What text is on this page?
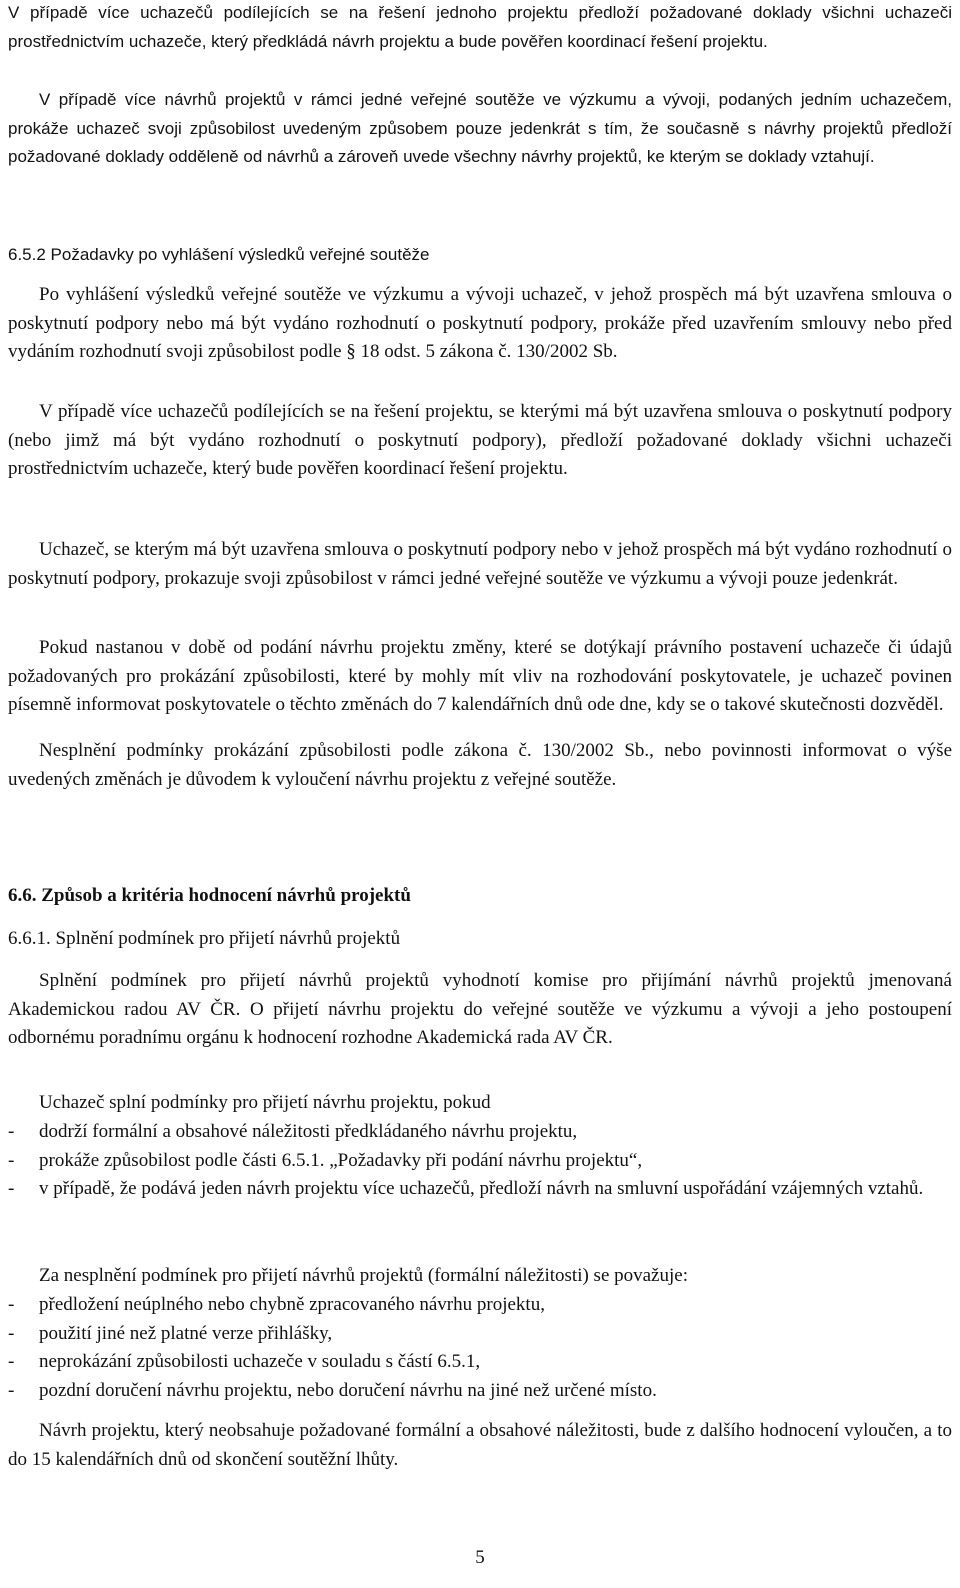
V případě více uchazečů podílejících se na řešení jednoho projektu předloží požadované doklady všichni uchazeči prostřednictvím uchazeče, který předkládá návrh projektu a bude pověřen koordinací řešení projektu.

V případě více návrhů projektů v rámci jedné veřejné soutěže ve výzkumu a vývoji, podaných jedním uchazečem, prokáže uchazeč svoji způsobilost uvedeným způsobem pouze jedenkrát s tím, že současně s návrhy projektů předloží požadované doklady odděleně od návrhů a zároveň uvede všechny návrhy projektů, ke kterým se doklady vztahují.

6.5.2 Požadavky po vyhlášení výsledků veřejné soutěže

Po vyhlášení výsledků veřejné soutěže ve výzkumu a vývoji uchazeč, v jehož prospěch má být uzavřena smlouva o poskytnutí podpory nebo má být vydáno rozhodnutí o poskytnutí podpory, prokáže před uzavřením smlouvy nebo před vydáním rozhodnutí svoji způsobilost podle § 18 odst. 5 zákona č. 130/2002 Sb.

V případě více uchazečů podílejících se na řešení projektu, se kterými má být uzavřena smlouva o poskytnutí podpory (nebo jimž má být vydáno rozhodnutí o poskytnutí podpory), předloží požadované doklady všichni uchazeči prostřednictvím uchazeče, který bude pověřen koordinací řešení projektu.

Uchazeč, se kterým má být uzavřena smlouva o poskytnutí podpory nebo v jehož prospěch má být vydáno rozhodnutí o poskytnutí podpory, prokazuje svoji způsobilost v rámci jedné veřejné soutěže ve výzkumu a vývoji pouze jedenkrát.

Pokud nastanou v době od podání návrhu projektu změny, které se dotýkají právního postavení uchazeče či údajů požadovaných pro prokázání způsobilosti, které by mohly mít vliv na rozhodování poskytovatele, je uchazeč povinen písemně informovat poskytovatele o těchto změnách do 7 kalendářních dnů ode dne, kdy se o takové skutečnosti dozvěděl.

Nesplnění podmínky prokázání způsobilosti podle zákona č. 130/2002 Sb., nebo povinnosti informovat o výše uvedených změnách je důvodem k vyloučení návrhu projektu z veřejné soutěže.

6.6. Způsob a kritéria hodnocení návrhů projektů

6.6.1. Splnění podmínek pro přijetí návrhů projektů

Splnění podmínek pro přijetí návrhů projektů vyhodnotí komise pro přijímání návrhů projektů jmenovaná Akademickou radou AV ČR. O přijetí návrhu projektu do veřejné soutěže ve výzkumu a vývoji a jeho postoupení odbornému poradnímu orgánu k hodnocení rozhodne Akademická rada AV ČR.

Uchazeč splní podmínky pro přijetí návrhu projektu, pokud

- dodrží formální a obsahové náležitosti předkládaného návrhu projektu,
- prokáže způsobilost podle části 6.5.1. „Požadavky při podání návrhu projektu“,
- v případě, že podává jeden návrh projektu více uchazečů, předloží návrh na smluvní uspořádání vzájemných vztahů.

Za nesplnění podmínek pro přijetí návrhů projektů (formální náležitosti) se považuje:

- předložení neúplného nebo chybně zpracovaného návrhu projektu,
- použití jiné než platné verze přihlášky,
- neprokázání způsobilosti uchazeče v souladu s částí 6.5.1,
- pozdní doručení návrhu projektu, nebo doručení návrhu na jiné než určené místo.

Návrh projektu, který neobsahuje požadované formální a obsahové náležitosti, bude z dalšího hodnocení vyloučen, a to do 15 kalendářních dnů od skončení soutěžní lhůty.

5
